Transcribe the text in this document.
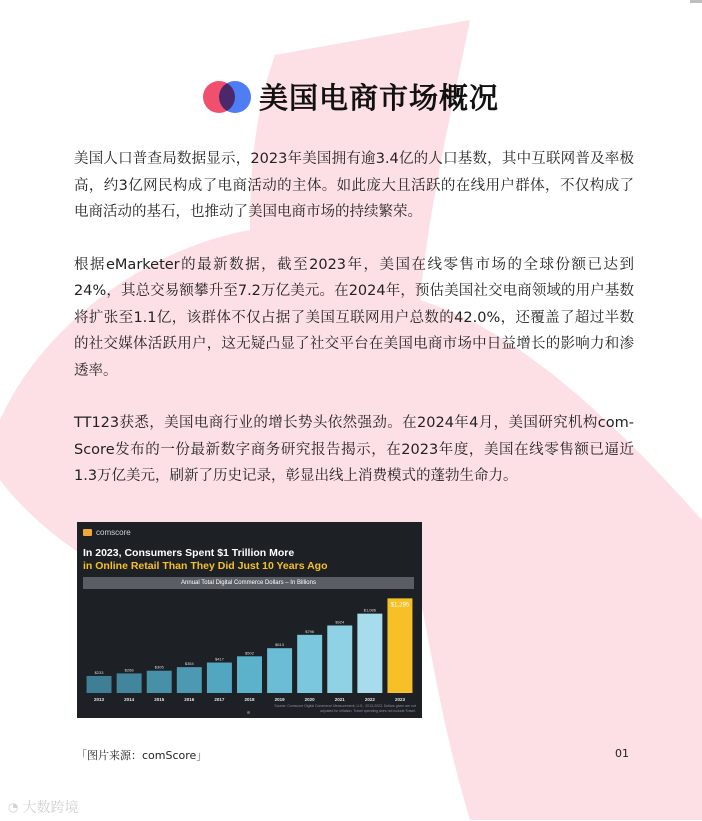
美国电商市场概况

美国人口普查局数据显示，2023年美国拥有逾3.4亿的人口基数，其中互联网普及率极高，约3亿网民构成了电商活动的主体。如此庞大且活跃的在线用户群体，不仅构成了电商活动的基石，也推动了美国电商市场的持续繁荣。

根据eMarketer的最新数据，截至2023年，美国在线零售市场的全球份额已达到24%，其总交易额攀升至7.2万亿美元。在2024年，预估美国社交电商领域的用户基数将扩张至1.1亿，该群体不仅占据了美国互联网用户总数的42.0%，还覆盖了超过半数的社交媒体活跃用户，这无疑凸显了社交平台在美国电商市场中日益增长的影响力和渗透率。

TT123获悉，美国电商行业的增长势头依然强劲。在2024年4月，美国研究机构com-Score发布的一份最新数字商务研究报告揭示，在2023年度，美国在线零售额已逼近1.3万亿美元，刷新了历史记录，彰显出线上消费模式的蓬勃生命力。

comscore
In 2023, Consumers Spent $1 Trillion More
in Online Retail Than They Did Just 10 Years Ago
Annual Total Digital Commerce Dollars – In Billions
$233
2013
$268
2014
$305
2015
$354
2016
$417
2017
$502
2018
$613
2019
$796
2020
$924
2021
$1,086
2022
$1,295
2023
Source: Comscore Digital Commerce Measurement, U.S., 2013-2023. Dollars given are not adjusted for inflation. Travel spending does not include Travel.
「图片来源：comScore」	01
◔ 大数跨境
